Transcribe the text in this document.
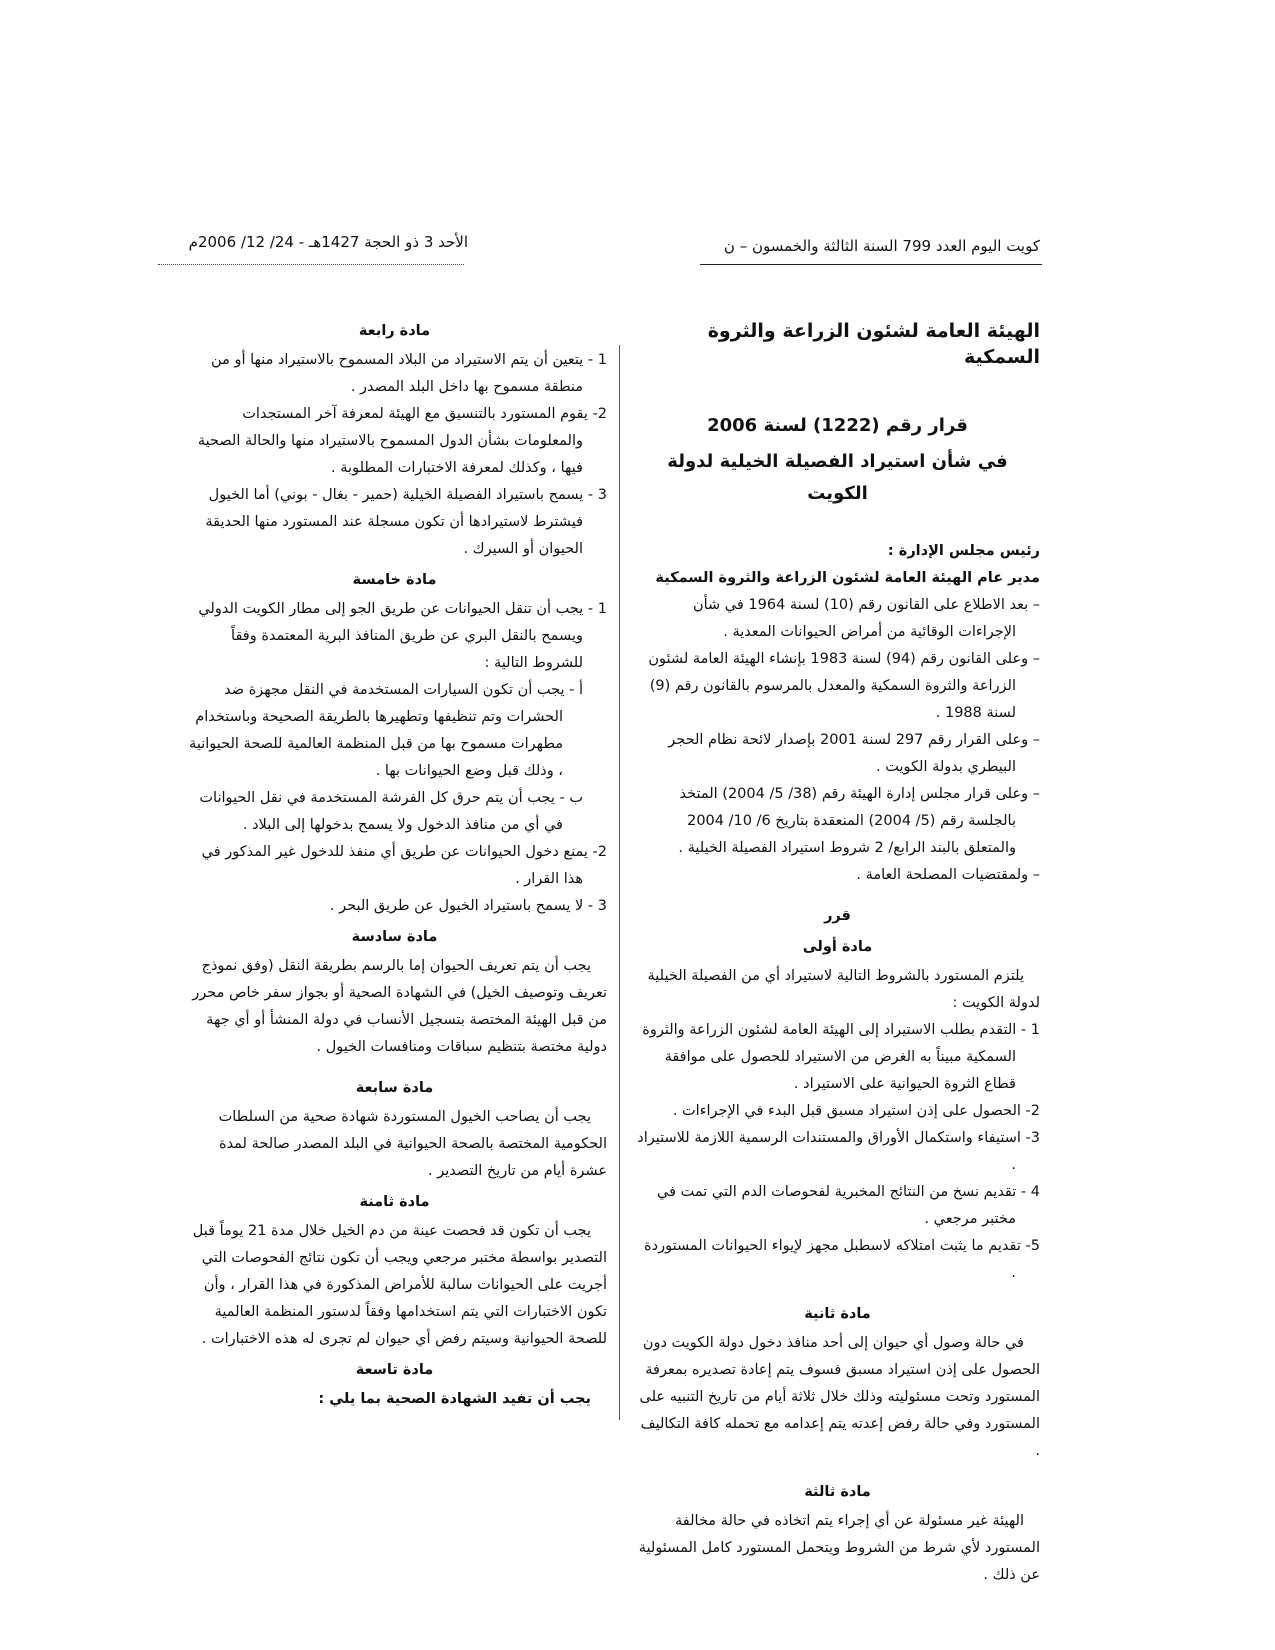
كويت اليوم العدد 799 السنة الثالثة والخمسون – ن
الأحد 3 ذو الحجة 1427هـ - 24/ 12/ 2006م
الهيئة العامة لشئون الزراعة والثروة السمكية
قرار رقم (1222) لسنة 2006
في شأن استيراد الفصيلة الخيلية لدولة الكويت

رئيس مجلس الإدارة :

مدير عام الهيئة العامة لشئون الزراعة والثروة السمكية

– بعد الاطلاع على القانون رقم (10) لسنة 1964 في شأن الإجراءات الوقائية من أمراض الحيوانات المعدية .

– وعلى القانون رقم (94) لسنة 1983 بإنشاء الهيئة العامة لشئون الزراعة والثروة السمكية والمعدل بالمرسوم بالقانون رقم (9) لسنة 1988 .

– وعلى القرار رقم 297 لسنة 2001 بإصدار لائحة نظام الحجر البيطري بدولة الكويت .

– وعلى قرار مجلس إدارة الهيئة رقم (38/ 5/ 2004) المتخذ بالجلسة رقم (5/ 2004) المنعقدة بتاريخ 6/ 10/ 2004 والمتعلق بالبند الرابع/ 2 شروط استيراد الفصيلة الخيلية .

– ولمقتضيات المصلحة العامة .

قرر
مادة أولى

يلتزم المستورد بالشروط التالية لاستيراد أي من الفصيلة الخيلية لدولة الكويت :

1 - التقدم بطلب الاستيراد إلى الهيئة العامة لشئون الزراعة والثروة السمكية مبيناً به الغرض من الاستيراد للحصول على موافقة قطاع الثروة الحيوانية على الاستيراد .

2- الحصول على إذن استيراد مسبق قبل البدء في الإجراءات .

3- استيفاء واستكمال الأوراق والمستندات الرسمية اللازمة للاستيراد .

4 - تقديم نسخ من النتائج المخبرية لفحوصات الدم التي تمت في مختبر مرجعي .

5- تقديم ما يثبت امتلاكه لاسطبل مجهز لإيواء الحيوانات المستوردة .

مادة ثانية

في حالة وصول أي حيوان إلى أحد منافذ دخول دولة الكويت دون الحصول على إذن استيراد مسبق فسوف يتم إعادة تصديره بمعرفة المستورد وتحت مسئوليته وذلك خلال ثلاثة أيام من تاريخ التنبيه على المستورد وفي حالة رفض إعدته يتم إعدامه مع تحمله كافة التكاليف .

مادة ثالثة

الهيئة غير مسئولة عن أي إجراء يتم اتخاذه في حالة مخالفة المستورد لأي شرط من الشروط ويتحمل المستورد كامل المسئولية عن ذلك .

مادة رابعة

1 - يتعين أن يتم الاستيراد من البلاد المسموح بالاستيراد منها أو من منطقة مسموح بها داخل البلد المصدر .

2- يقوم المستورد بالتنسيق مع الهيئة لمعرفة آخر المستجدات والمعلومات بشأن الدول المسموح بالاستيراد منها والحالة الصحية فيها ، وكذلك لمعرفة الاختبارات المطلوبة .

3 - يسمح باستيراد الفصيلة الخيلية (حمير - بغال - بوني) أما الخيول فيشترط لاستيرادها أن تكون مسجلة عند المستورد منها الحديقة الحيوان أو السيرك .

مادة خامسة

1 - يجب أن تنقل الحيوانات عن طريق الجو إلى مطار الكويت الدولي ويسمح بالنقل البري عن طريق المنافذ البرية المعتمدة وفقاً للشروط التالية :

أ - يجب أن تكون السيارات المستخدمة في النقل مجهزة ضد الحشرات وتم تنظيفها وتطهيرها بالطريقة الصحيحة وباستخدام مطهرات مسموح بها من قبل المنظمة العالمية للصحة الحيوانية ، وذلك قبل وضع الحيوانات بها .

ب - يجب أن يتم حرق كل الفرشة المستخدمة في نقل الحيوانات في أي من منافذ الدخول ولا يسمح بدخولها إلى البلاد .

2- يمنع دخول الحيوانات عن طريق أي منفذ للدخول غير المذكور في هذا القرار .

3 - لا يسمح باستيراد الخيول عن طريق البحر .

مادة سادسة

يجب أن يتم تعريف الحيوان إما بالرسم بطريقة النقل (وفق نموذج تعريف وتوصيف الخيل) في الشهادة الصحية أو بجواز سفر خاص محرر من قبل الهيئة المختصة بتسجيل الأنساب في دولة المنشأ أو أي جهة دولية مختصة بتنظيم سباقات ومنافسات الخيول .

مادة سابعة

يجب أن يصاحب الخيول المستوردة شهادة صحية من السلطات الحكومية المختصة بالصحة الحيوانية في البلد المصدر صالحة لمدة عشرة أيام من تاريخ التصدير .

مادة ثامنة

يجب أن تكون قد فحصت عينة من دم الخيل خلال مدة 21 يوماً قبل التصدير بواسطة مختبر مرجعي ويجب أن تكون نتائج الفحوصات التي أجريت على الحيوانات سالبة للأمراض المذكورة في هذا القرار ، وأن تكون الاختبارات التي يتم استخدامها وفقاً لدستور المنظمة العالمية للصحة الحيوانية وسيتم رفض أي حيوان لم تجرى له هذه الاختبارات .

مادة تاسعة

يجب أن تفيد الشهادة الصحية بما يلي :
